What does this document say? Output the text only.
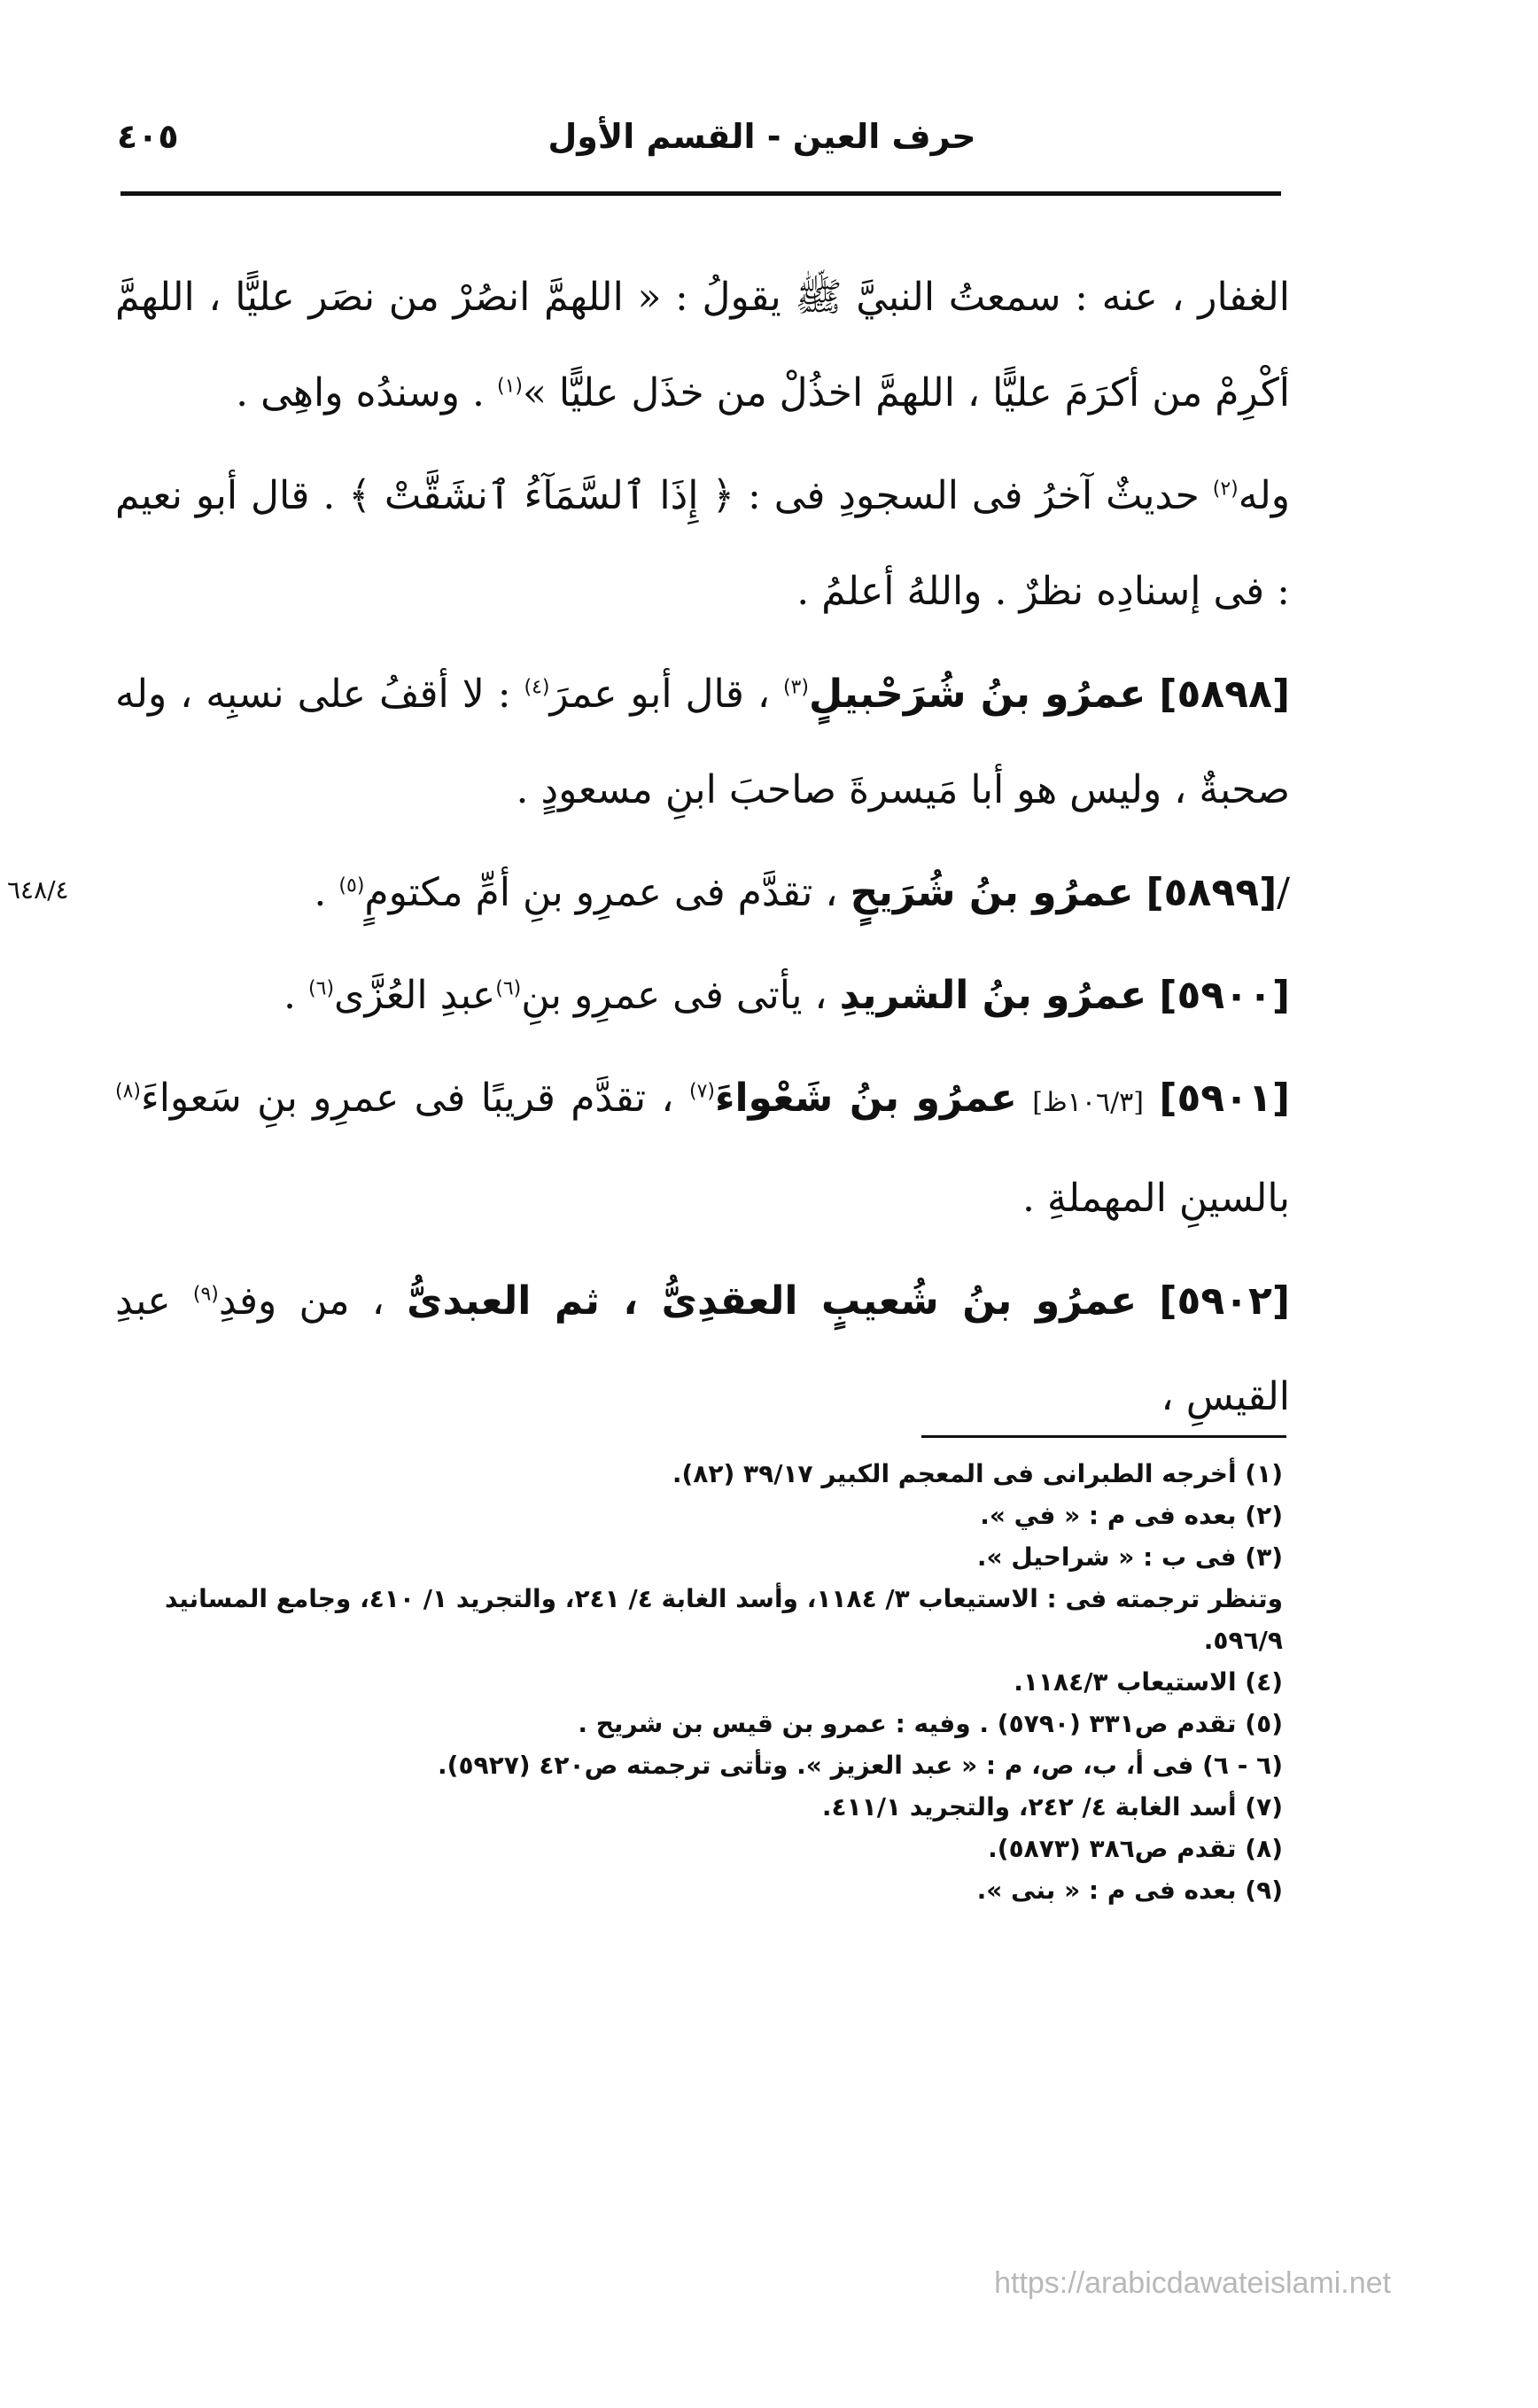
حرف العين - القسم الأول
٤٠٥
٦٤٨/٤

الغفار ، عنه : سمعتُ النبيَّ ﷺ يقولُ : « اللهمَّ انصُرْ من نصَر عليًّا ، اللهمَّ أكْرِمْ من أكرَمَ عليًّا ، اللهمَّ اخذُلْ من خذَل عليًّا »$^{(١)}$ . وسندُه واهِى .

وله$^{(٢)}$ حديثٌ آخرُ فى السجودِ فى : ﴿ إِذَا ٱلسَّمَآءُ ٱنشَقَّتْ ﴾ . قال أبو نعيم : فى إسنادِه نظرٌ . واللهُ أعلمُ .

[٥٨٩٨] عمرُو بنُ شُرَحْبيلٍ$^{(٣)}$ ، قال أبو عمرَ$^{(٤)}$ : لا أقفُ على نسبِه ، وله صحبةٌ ، وليس هو أبا مَيسرةَ صاحبَ ابنِ مسعودٍ .

/[٥٨٩٩] عمرُو بنُ شُرَيحٍ ، تقدَّم فى عمرِو بنِ أمِّ مكتومٍ$^{(٥)}$ .

[٥٩٠٠] عمرُو بنُ الشريدِ ، يأتى فى عمرِو بنِ$^{(٦)}$عبدِ العُزَّى$^{(٦)}$ .

[٥٩٠١] [١٠٦/٣ظ] عمرُو بنُ شَعْواءَ$^{(٧)}$ ، تقدَّم قريبًا فى عمرِو بنِ سَعواءَ$^{(٨)}$ بالسينِ المهملةِ .

[٥٩٠٢] عمرُو بنُ شُعيبٍ العقدِىُّ ، ثم العبدىُّ ، من وفدِ$^{(٩)}$ عبدِ القيسِ ،

(١) أخرجه الطبرانى فى المعجم الكبير ٣٩/١٧ (٨٢).

(٢) بعده فى م : « في ».

(٣) فى ب : « شراحيل ».

وتنظر ترجمته فى : الاستيعاب ٣/ ١١٨٤، وأسد الغابة ٤/ ٢٤١، والتجريد ١/ ٤١٠، وجامع المسانيد ٥٩٦/٩.

(٤) الاستيعاب ١١٨٤/٣.

(٥) تقدم ص٣٣١ (٥٧٩٠) . وفيه : عمرو بن قيس بن شريح .

(٦ - ٦) فى أ، ب، ص، م : « عبد العزيز ». وتأتى ترجمته ص٤٢٠ (٥٩٢٧).

(٧) أسد الغابة ٤/ ٢٤٢، والتجريد ٤١١/١.

(٨) تقدم ص٣٨٦ (٥٨٧٣).

(٩) بعده فى م : « بنى ».

https://arabicdawateislami.net
